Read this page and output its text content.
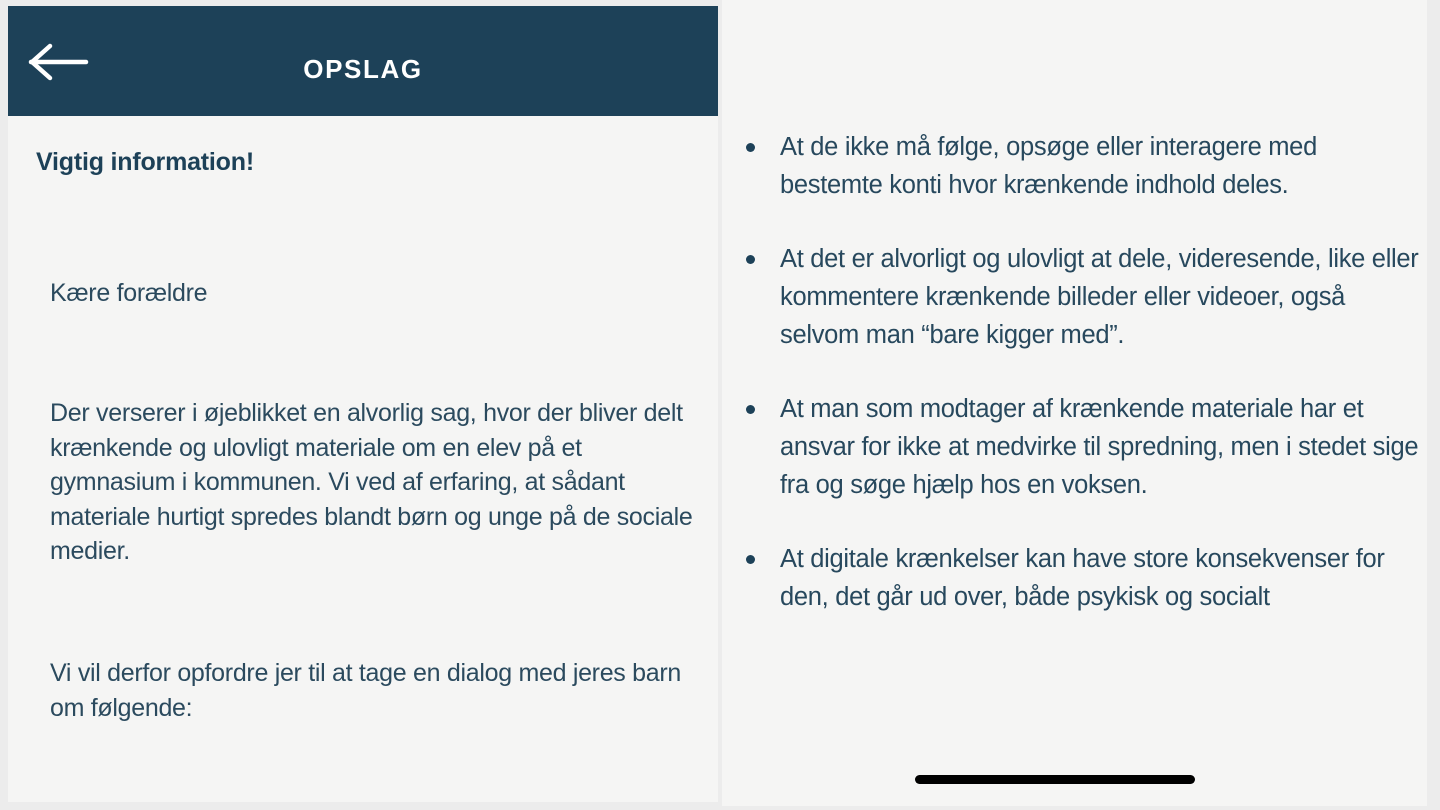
OPSLAG
Vigtig information!
Kære forældre
Der verserer i øjeblikket en alvorlig sag, hvor der bliver delt krænkende og ulovligt materiale om en elev på et gymnasium i kommunen. Vi ved af erfaring, at sådant materiale hurtigt spredes blandt børn og unge på de sociale medier.
Vi vil derfor opfordre jer til at tage en dialog med jeres barn om følgende:
At de ikke må følge, opsøge eller interagere med bestemte konti hvor krænkende indhold deles.
At det er alvorligt og ulovligt at dele, videresende, like eller kommentere krænkende billeder eller videoer, også selvom man “bare kigger med”.
At man som modtager af krænkende materiale har et ansvar for ikke at medvirke til spredning, men i stedet sige fra og søge hjælp hos en voksen.
At digitale krænkelser kan have store konsekvenser for den, det går ud over, både psykisk og socialt
